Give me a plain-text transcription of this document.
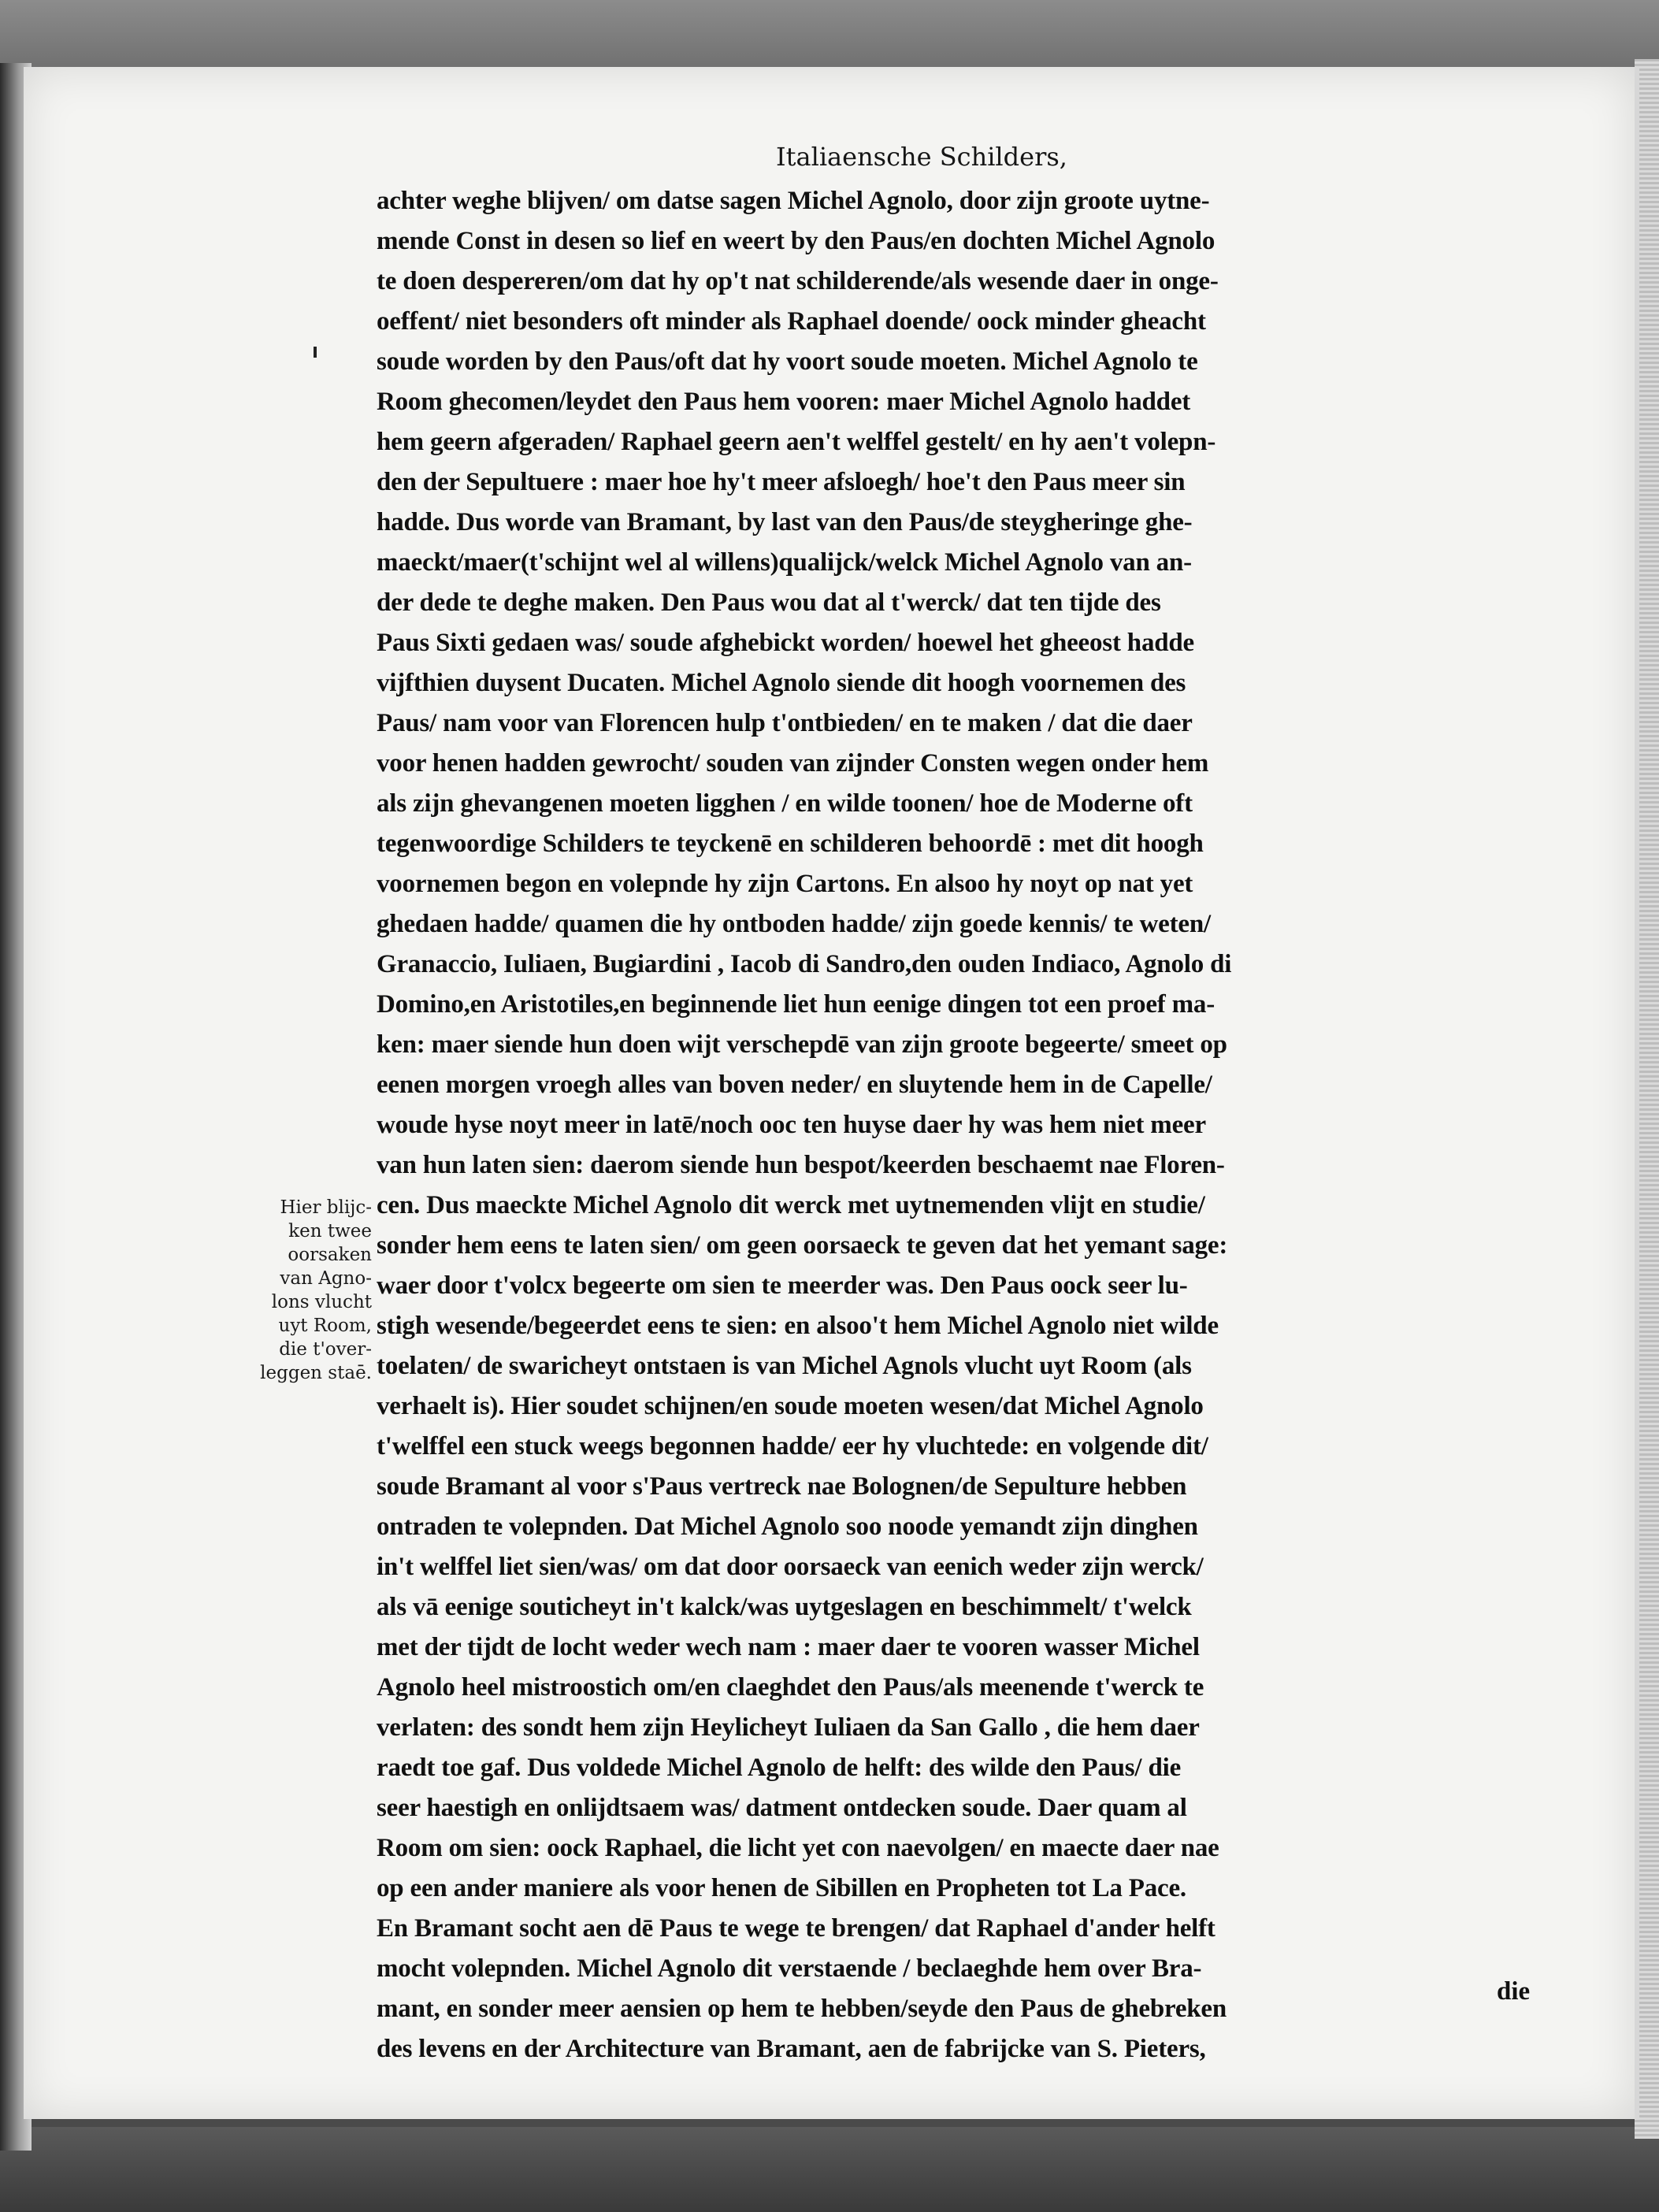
Italiaensche Schilders,
achter weghe blijven/ om datse sagen Michel Agnolo, door zijn groote uytne-
mende Const in desen so lief en weert by den Paus/en dochten Michel Agnolo
te doen despereren/om dat hy op't nat schilderende/als wesende daer in onge-
oeffent/ niet besonders oft minder als Raphael doende/ oock minder gheacht
soude worden by den Paus/oft dat hy voort soude moeten. Michel Agnolo te
Room ghecomen/leydet den Paus hem vooren: maer Michel Agnolo haddet
hem geern afgeraden/ Raphael geern aen't welffel gestelt/ en hy aen't volepn-
den der Sepultuere : maer hoe hy't meer afsloegh/ hoe't den Paus meer sin
hadde. Dus worde van Bramant, by last van den Paus/de steygheringe ghe-
maeckt/maer(t'schijnt wel al willens)qualijck/welck Michel Agnolo van an-
der dede te deghe maken. Den Paus wou dat al t'werck/ dat ten tijde des
Paus Sixti gedaen was/ soude afghebickt worden/ hoewel het gheeost hadde
vijfthien duysent Ducaten. Michel Agnolo siende dit hoogh voornemen des
Paus/ nam voor van Florencen hulp t'ontbieden/ en te maken / dat die daer
voor henen hadden gewrocht/ souden van zijnder Consten wegen onder hem
als zijn ghevangenen moeten ligghen / en wilde toonen/ hoe de Moderne oft
tegenwoordige Schilders te teyckenē en schilderen behoordē : met dit hoogh
voornemen begon en volepnde hy zijn Cartons. En alsoo hy noyt op nat yet
ghedaen hadde/ quamen die hy ontboden hadde/ zijn goede kennis/ te weten/
Granaccio, Iuliaen, Bugiardini , Iacob di Sandro,den ouden Indiaco, Agnolo di
Domino,en Aristotiles,en beginnende liet hun eenige dingen tot een proef ma-
ken: maer siende hun doen wijt verschepdē van zijn groote begeerte/ smeet op
eenen morgen vroegh alles van boven neder/ en sluytende hem in de Capelle/
woude hyse noyt meer in latē/noch ooc ten huyse daer hy was hem niet meer
van hun laten sien: daerom siende hun bespot/keerden beschaemt nae Floren-
cen. Dus maeckte Michel Agnolo dit werck met uytnemenden vlijt en studie/
sonder hem eens te laten sien/ om geen oorsaeck te geven dat het yemant sage:
waer door t'volcx begeerte om sien te meerder was. Den Paus oock seer lu-
stigh wesende/begeerdet eens te sien: en alsoo't hem Michel Agnolo niet wilde
toelaten/ de swaricheyt ontstaen is van Michel Agnols vlucht uyt Room (als
verhaelt is). Hier soudet schijnen/en soude moeten wesen/dat Michel Agnolo
t'welffel een stuck weegs begonnen hadde/ eer hy vluchtede: en volgende dit/
soude Bramant al voor s'Paus vertreck nae Bolognen/de Sepulture hebben
ontraden te volepnden. Dat Michel Agnolo soo noode yemandt zijn dinghen
in't welffel liet sien/was/ om dat door oorsaeck van eenich weder zijn werck/
als vā eenige souticheyt in't kalck/was uytgeslagen en beschimmelt/ t'welck
met der tijdt de locht weder wech nam : maer daer te vooren wasser Michel
Agnolo heel mistroostich om/en claeghdet den Paus/als meenende t'werck te
verlaten: des sondt hem zijn Heylicheyt Iuliaen da San Gallo , die hem daer
raedt toe gaf. Dus voldede Michel Agnolo de helft: des wilde den Paus/ die
seer haestigh en onlijdtsaem was/ datment ontdecken soude. Daer quam al
Room om sien: oock Raphael, die licht yet con naevolgen/ en maecte daer nae
op een ander maniere als voor henen de Sibillen en Propheten tot La Pace.
En Bramant socht aen dē Paus te wege te brengen/ dat Raphael d'ander helft
mocht volepnden. Michel Agnolo dit verstaende / beclaeghde hem over Bra-
mant, en sonder meer aensien op hem te hebben/seyde den Paus de ghebreken
des levens en der Architecture van Bramant, aen de fabrijcke van S. Pieters,
Hier blijc-
ken twee
oorsaken
van Agno-
lons vlucht
uyt Room,
die t'over-
leggen staē.
die
